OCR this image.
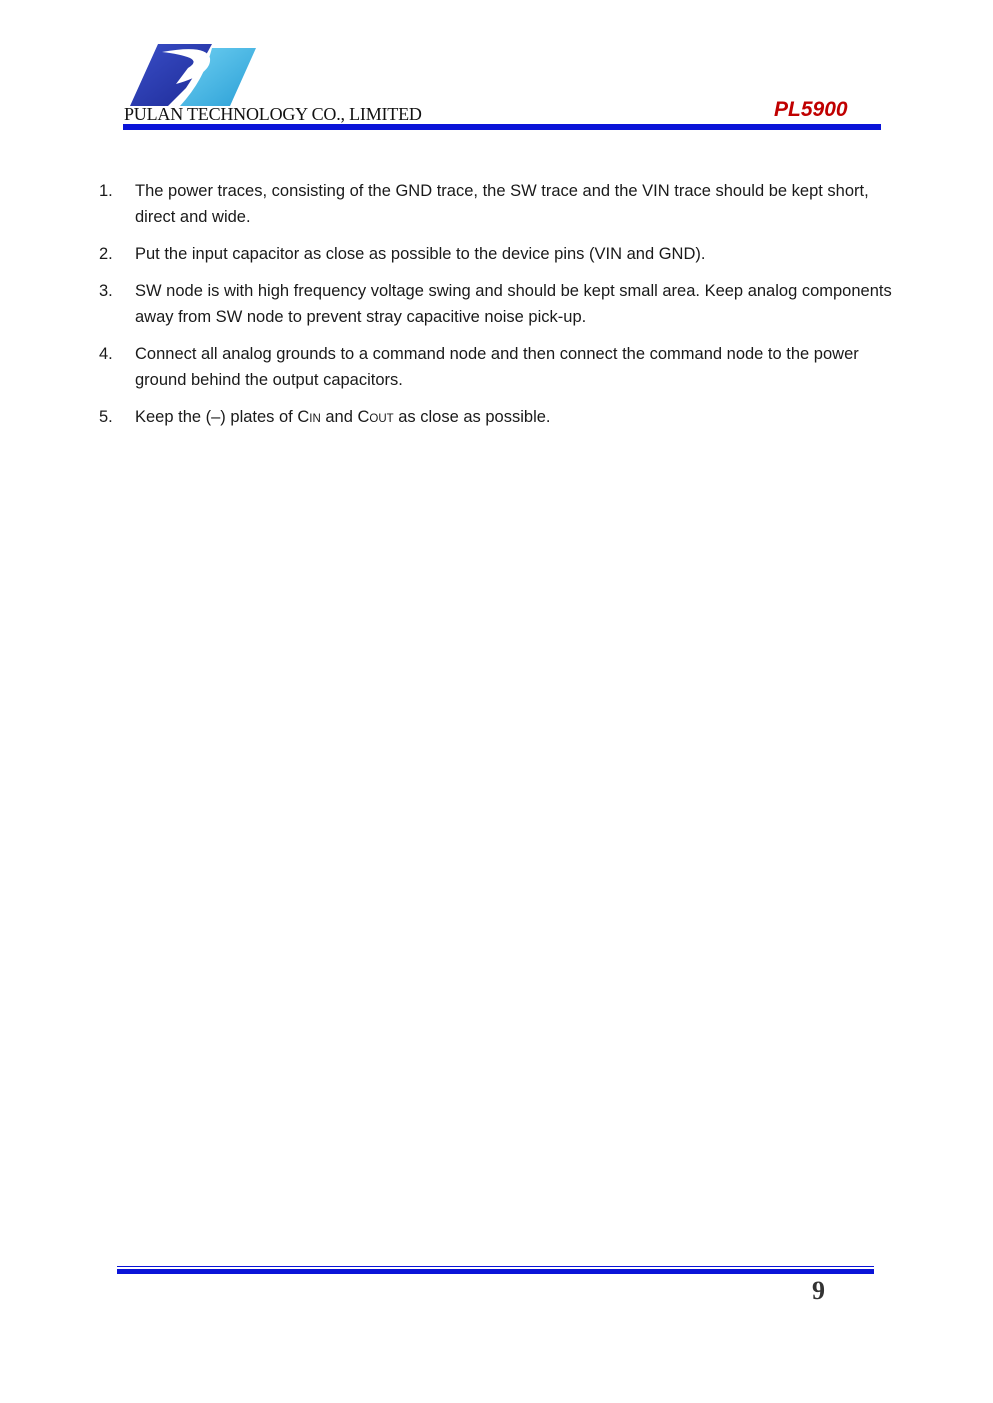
PULAN TECHNOLOGY CO., LIMITED	PL5900
1. The power traces, consisting of the GND trace, the SW trace and the VIN trace should be kept short, direct and wide.
2. Put the input capacitor as close as possible to the device pins (VIN and GND).
3. SW node is with high frequency voltage swing and should be kept small area. Keep analog components away from SW node to prevent stray capacitive noise pick-up.
4. Connect all analog grounds to a command node and then connect the command node to the power ground behind the output capacitors.
5. Keep the (–) plates of CIN and COUT as close as possible.
9
